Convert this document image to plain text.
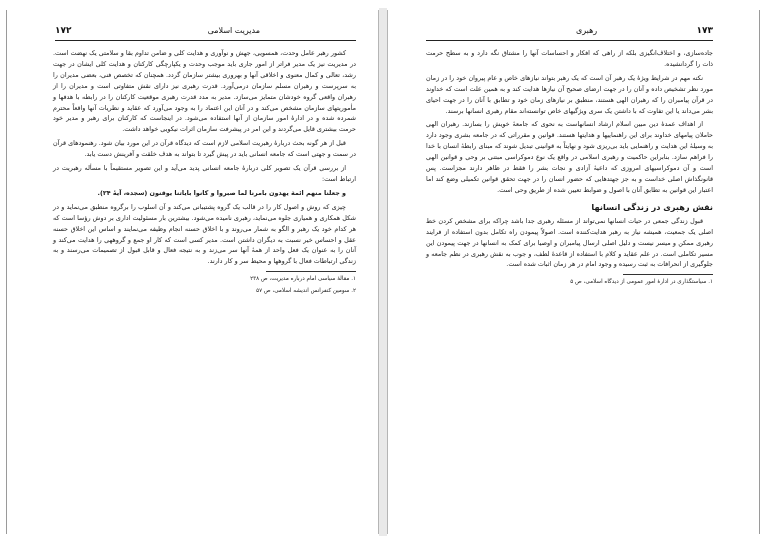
۱۷۲	مدیریت اسلامی

کشور رهبر عامل وحدت، همسویی، جهش و نوآوری و هدایت کلی و ضامن تداوم بقا و سلامتی یک نهضت است. در مدیریت نیز یک مدیر فراتر از امور جاری باید موجب وحدت و یکپارچگی کارکنان و هدایت کلی ایشان در جهت رشد، تعالی و کمال معنوی و اخلاقی آنها و بهروری بیشتر سازمان گردد. همچنان که تخصص فنی، بعضی مدیران را به سرپرست و رهبران مسلم سازمان درمی‌آورد. قدرت رهبری نیز دارای نقش متفاوتی است و مدیران را از رهبران واقعی گروه خودشان متمایز می‌سازد. مدیر به مدد قدرت رهبری موقعیت کارکنان را در رابطه با هدفها و مأموریتهای سازمان مشخص می‌کند و در آنان این اعتماد را به وجود می‌آورد که عقاید و نظریات آنها واقعاً محترم شمرده شده و در ادارهٔ امور سازمان از آنها استفاده می‌شود. در اینجاست که کارکنان برای رهبر و مدیر خود حرمت بیشتری قایل می‌گردند و این امر در پیشرفت سازمان اثرات نیکویی خواهد داشت.

قبل از هر گونه بحث دربارهٔ رهبریت اسلامی لازم است که دیدگاه قرآن در این مورد بیان شود. رهنمودهای قرآن در سمت و جهتی است که جامعه انسانی باید در پیش گیرد تا بتواند به هدف خلقت و آفرینش دست یابد.

از بررسی قرآن یک تصویر کلی دربارهٔ جامعه انسانی پدید می‌آید و این تصویر مستقیماً با مسأله رهبریت در ارتباط است:

و جعلنا منهم ائمة یهدون بامرنا لما صبروا و کانوا بایاتنا یوقنون (سجده، آیهٔ ۲۴).

چیزی که روش و اصول کار را در قالب یک گروه پشتیبانی می‌کند و آن اسلوب را برگروه منطبق می‌نماید و در شکل همکاری و همیاری جلوه می‌نماید، رهبری نامیده می‌شود. بیشترین بار مسئولیت اداری بر دوش رؤسا است که هر کدام خود یک رهبر و الگو به شمار می‌روند و با اخلاق حسنه انجام وظیفه می‌نمایند و اساس این اخلاق حسنه عقل و احساس خیر نسبت به دیگران داشتن است. مدیر کسی است که کار او جمع و گروههی را هدایت می‌کند و آنان را به عنوان یک فعل واحد از همهٔ آنها سر می‌زند و به نتیجه فعال و قابل قبول از تصمیمات می‌رسند و به زندگی ارتباطات فعال با گروهها و محیط سر و کار دارند.

۱. مقالهٔ سیاسی امام درباره مدیریت، ص ۲۳۸

۲. سومین کنفرانس اندیشه اسلامی، ص ۵۷

رهبری	۱۷۳

جاده‌سازی، و اختلاف‌انگیزی بلکه از راهی که افکار و احساسات آنها را مشتاق نگه دارد و به سطح حرمت ذات را گردانشیده.

نکته مهم در شرایط ویژهٔ یک رهبر آن است که یک رهبر بتواند نیازهای خاص و عام پیروان خود را در زمان مورد نظر تشخیص داده و آنان را در جهت ارضای صحیح آن نیازها هدایت کند و به همین علت است که خداوند در قرآن پیامبران را که رهبران الهی هستند، منطبق بر نیازهای زمان خود و تطابق با آنان را در جهت احیای بشر می‌داند یا این تفاوت که با داشتن یک سری ویژگیهای خاص توانسته‌اند مقام رهبری انسانها برسند.

از اهداف عمدهٔ دین مبین اسلام ارشاد انسانهاست به نحوی که جامعهٔ خویش را بسازند. رهبران الهی حاملان پیامهای خداوند برای این راهنماییها و هدایتها هستند. قوانین و مقرراتی که در جامعه بشری وجود دارد به وسیلهٔ این هدایت و راهنمایی باید بی‌ریزی شود و نهایتاً به قوانینی تبدیل شوند که مبنای رابطهٔ انسان با خدا را فراهم سازد. بنابراین حاکمیت و رهبری اسلامی در واقع یک نوع دموکراسی مبتنی بر وحی و قوانین الهی است و آن دموکراسیهای امروزی که داعیهٔ آزادی و نجات بشر را فقط در ظاهر دارند مجزاست. پس قانونگذاش اصلی خداست و به جز جهتدهایی که حضور انسان را در جهت تحقق قوانین تکمیلی وضع کند اما اعتبار این قوانین به تطابق آنان با اصول و ضوابط تعیین شده از طریق وحی است.

نقش رهبری در زندگی انسانها

قبول زندگی جمعی در حیات انسانها نمی‌تواند از مسئله رهبری جدا باشد چراکه برای مشخص کردن خط اصلی یک جمعیت، همیشه نیاز به رهبر هدایت‌کننده است. اصولاً پیمودن راه تکامل بدون استفاده از فرایند رهبری ممکن و میسر نیست و دلیل اصلی ارسال پیامبران و اوصیا برای کمک به انسانها در جهت پیمودن این مسیر تکاملی است. در علم عقاید و کلام با استفاده از قاعدهٔ لطف، و جوب به نقش رهبری در نظم جامعه و جلوگیری از انحرافات به ثبت رسیده و وجود امام در هر زمان اثبات شده است.

۱. سیاستگذاری در ادارهٔ امور عمومی از دیدگاه اسلامی، ص ۵
